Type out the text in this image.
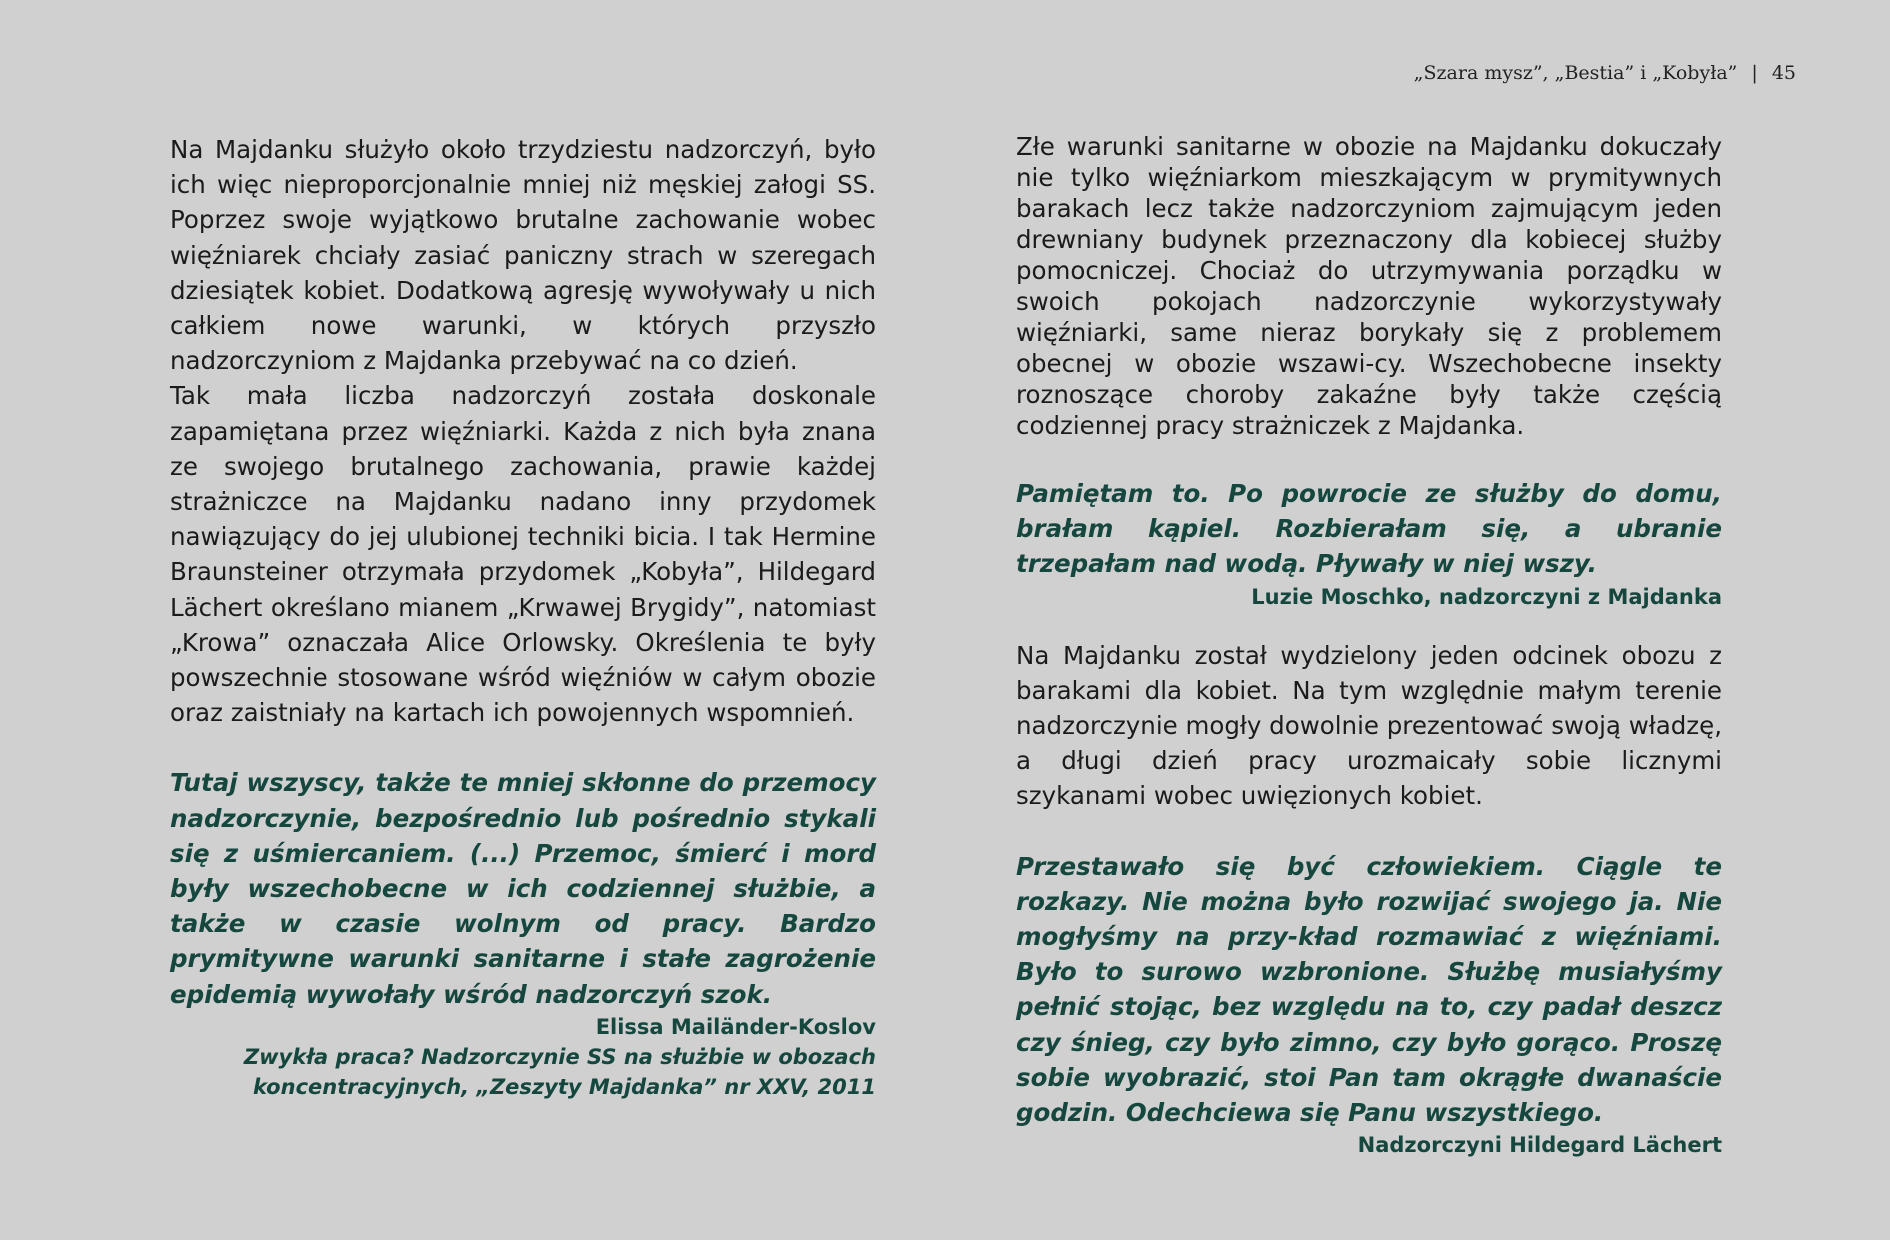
„Szara mysz”, „Bestia” i „Kobyła” | 45

Na Majdanku służyło około trzydziestu nadzorczyń, było ich więc nieproporcjonalnie mniej niż męskiej załogi SS. Poprzez swoje wyjątkowo brutalne zachowanie wobec więźniarek chciały zasiać paniczny strach w szeregach dziesiątek kobiet. Dodatkową agresję wywoływały u nich całkiem nowe warunki, w których przyszło nadzorczyniom z Majdanka przebywać na co dzień.

Tak mała liczba nadzorczyń została doskonale zapamiętana przez więźniarki. Każda z nich była znana ze swojego brutalnego zachowania, prawie każdej strażniczce na Majdanku nadano inny przydomek nawiązujący do jej ulubionej techniki bicia. I tak Hermine Braunsteiner otrzymała przydomek „Kobyła”, Hildegard Lächert określano mianem „Krwawej Brygidy”, natomiast „Krowa” oznaczała Alice Orlowsky. Określenia te były powszechnie stosowane wśród więźniów w całym obozie oraz zaistniały na kartach ich powojennych wspomnień.

Tutaj wszyscy, także te mniej skłonne do przemocy nadzorczynie, bezpośrednio lub pośrednio stykali się z uśmiercaniem. (...) Przemoc, śmierć i mord były wszechobecne w ich codziennej służbie, a także w czasie wolnym od pracy. Bardzo prymitywne warunki sanitarne i stałe zagrożenie epidemią wywołały wśród nadzorczyń szok.

Elissa Mailänder-Koslov

Zwykła praca? Nadzorczynie SS na służbie w obozach

koncentracyjnych, „Zeszyty Majdanka” nr XXV, 2011

Złe warunki sanitarne w obozie na Majdanku dokuczały nie tylko więźniarkom mieszkającym w prymitywnych barakach lecz także nadzorczyniom zajmującym jeden drewniany budynek przeznaczony dla kobiecej służby pomocniczej. Chociaż do utrzymywania porządku w swoich pokojach nadzorczynie wykorzystywały więźniarki, same nieraz borykały się z problemem obecnej w obozie wszawi-cy. Wszechobecne insekty roznoszące choroby zakaźne były także częścią codziennej pracy strażniczek z Majdanka.

Pamiętam to. Po powrocie ze służby do domu, brałam kąpiel. Rozbierałam się, a ubranie trzepałam nad wodą. Pływały w niej wszy.

Luzie Moschko, nadzorczyni z Majdanka

Na Majdanku został wydzielony jeden odcinek obozu z barakami dla kobiet. Na tym względnie małym terenie nadzorczynie mogły dowolnie prezentować swoją władzę, a długi dzień pracy urozmaicały sobie licznymi szykanami wobec uwięzionych kobiet.

Przestawało się być człowiekiem. Ciągle te rozkazy. Nie można było rozwijać swojego ja. Nie mogłyśmy na przy-kład rozmawiać z więźniami. Było to surowo wzbronione. Służbę musiałyśmy pełnić stojąc, bez względu na to, czy padał deszcz czy śnieg, czy było zimno, czy było gorąco. Proszę sobie wyobrazić, stoi Pan tam okrągłe dwanaście godzin. Odechciewa się Panu wszystkiego.

Nadzorczyni Hildegard Lächert
